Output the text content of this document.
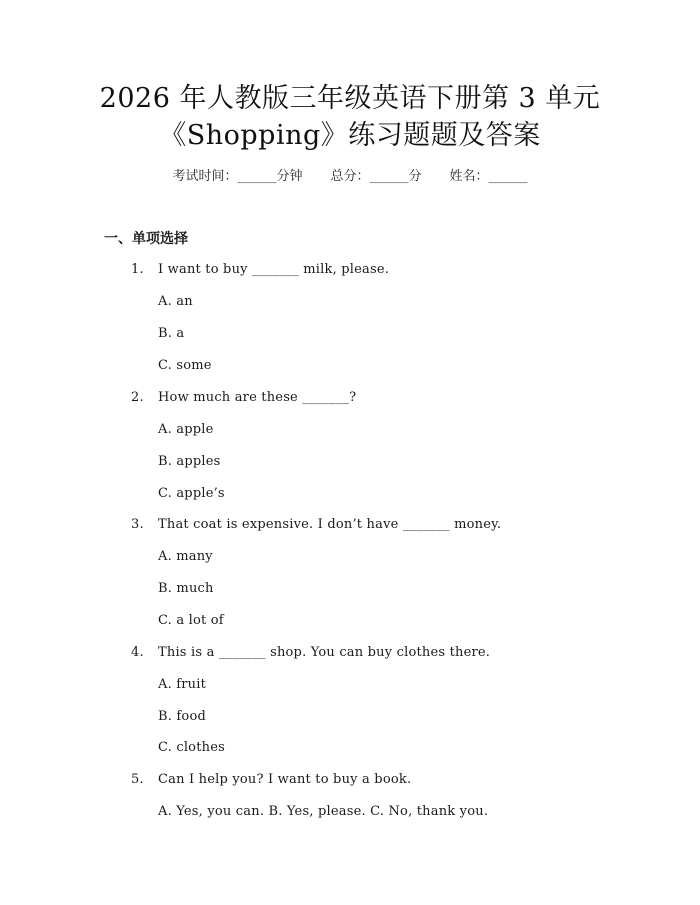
2026 年人教版三年级英语下册第 3 单元
《Shopping》练习题题及答案
考试时间：______分钟 总分：______分 姓名：______
一、单项选择
1. I want to buy _______ milk, please.
A. an
B. a
C. some
2. How much are these _______?
A. apple
B. apples
C. apple’s
3. That coat is expensive. I don’t have _______ money.
A. many
B. much
C. a lot of
4. This is a _______ shop. You can buy clothes there.
A. fruit
B. food
C. clothes
5. Can I help you? I want to buy a book.
A. Yes, you can. B. Yes, please. C. No, thank you.
